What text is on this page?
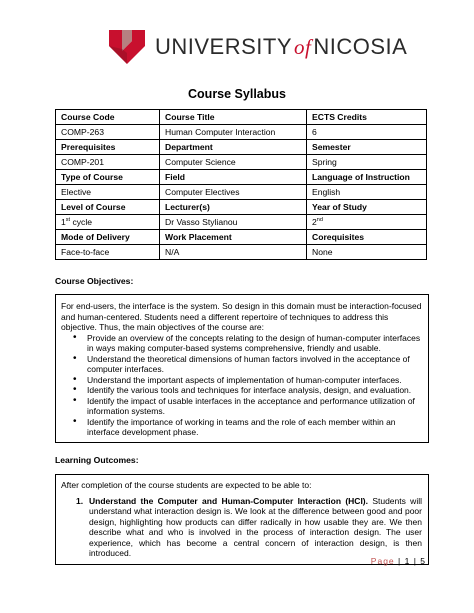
UNIVERSITYofNICOSIA
Course Syllabus
Course Code	Course Title	ECTS Credits
COMP-263	Human Computer Interaction	6
Prerequisites	Department	Semester
COMP-201	Computer Science	Spring
Type of Course	Field	Language of Instruction
Elective	Computer Electives	English
Level of Course	Lecturer(s)	Year of Study
1st cycle	Dr Vasso Stylianou	2nd
Mode of Delivery	Work Placement	Corequisites
Face-to-face	N/A	None
Course Objectives:
For end-users, the interface is the system. So design in this domain must be interaction-focused and human-centered. Students need a different repertoire of techniques to address this objective. Thus, the main objectives of the course are:
• Provide an overview of the concepts relating to the design of human-computer interfaces in ways making computer-based systems comprehensive, friendly and usable.
• Understand the theoretical dimensions of human factors involved in the acceptance of computer interfaces.
• Understand the important aspects of implementation of human-computer interfaces.
• Identify the various tools and techniques for interface analysis, design, and evaluation.
• Identify the impact of usable interfaces in the acceptance and performance utilization of information systems.
• Identify the importance of working in teams and the role of each member within an interface development phase.
Learning Outcomes:
After completion of the course students are expected to be able to:
1. Understand the Computer and Human-Computer Interaction (HCI). Students will understand what interaction design is. We look at the difference between good and poor design, highlighting how products can differ radically in how usable they are. We then describe what and who is involved in the process of interaction design. The user experience, which has become a central concern of interaction design, is then introduced.
Page | 1 | 5
